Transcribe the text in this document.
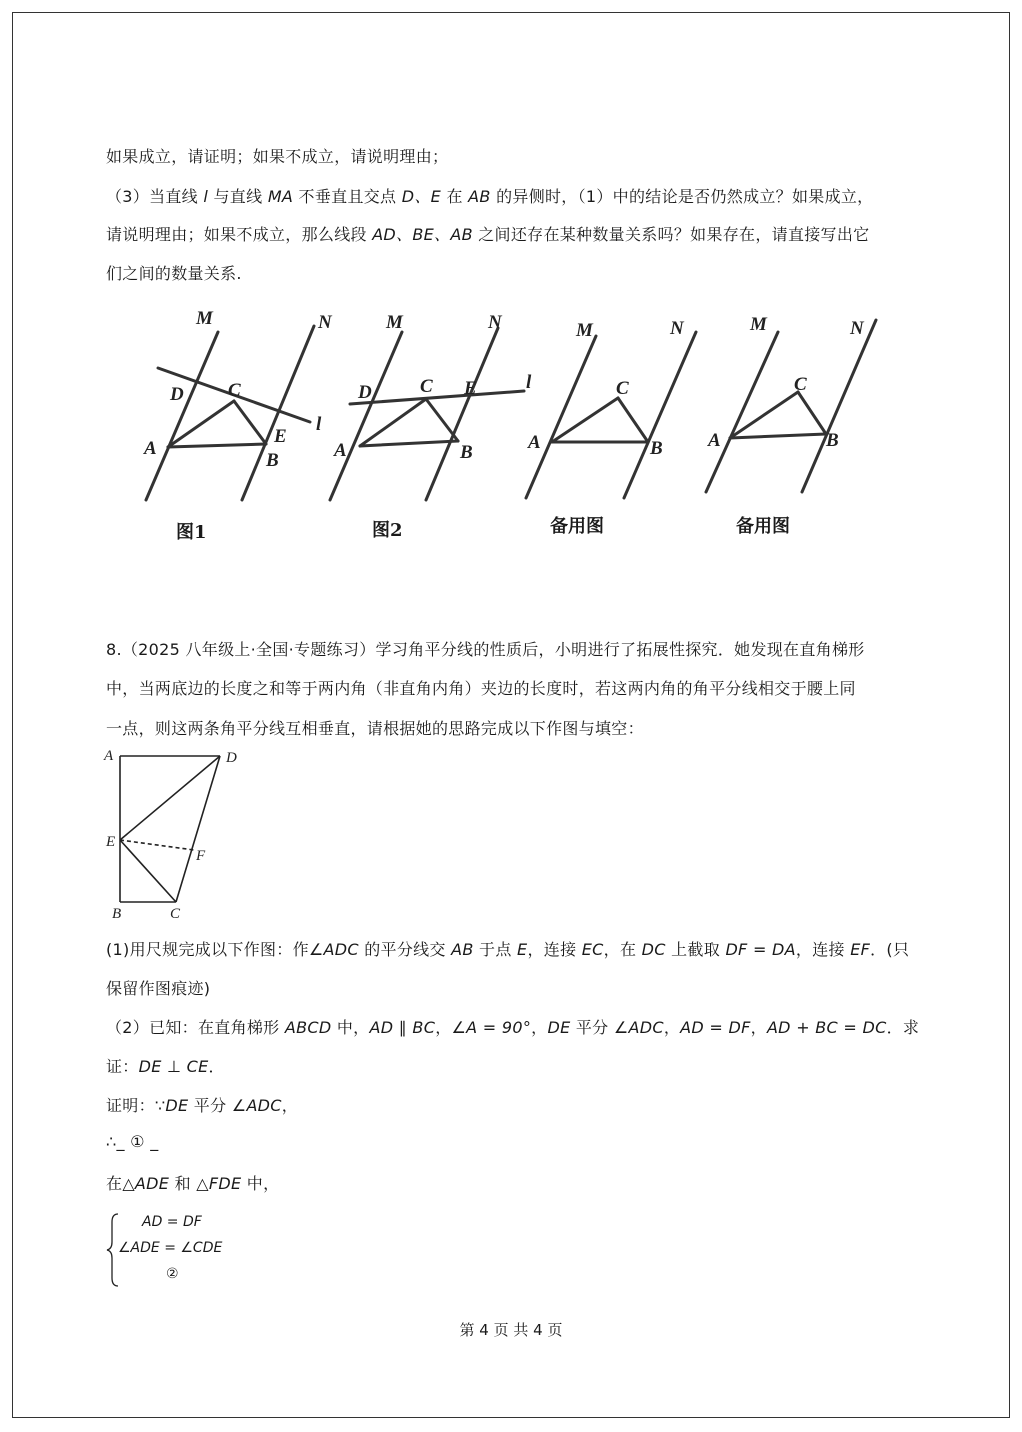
如果成立，请证明；如果不成立，请说明理由；
（3）当直线 l 与直线 MA 不垂直且交点 D、E 在 AB 的异侧时，（1）中的结论是否仍然成立？如果成立，
请说明理由；如果不成立，那么线段 AD、BE、AB 之间还存在某种数量关系吗？如果存在，请直接写出它
们之间的数量关系.
M	N
D C
E
l
A
B
M	N
D	C E	l
A	B
M	N
C
A	B
M	N
C
A	B
图1	图2	备用图	备用图
8.（2025 八年级上·全国·专题练习）学习角平分线的性质后，小明进行了拓展性探究．她发现在直角梯形
中，当两底边的长度之和等于两内角（非直角内角）夹边的长度时，若这两内角的角平分线相交于腰上同
一点，则这两条角平分线互相垂直，请根据她的思路完成以下作图与填空：
A	D
E
F
B	C
(1)用尺规完成以下作图：作∠ADC 的平分线交 AB 于点 E，连接 EC，在 DC 上截取 DF = DA，连接 EF．(只
保留作图痕迹)
（2）已知：在直角梯形 ABCD 中，AD ∥ BC，∠A = 90°，DE 平分 ∠ADC，AD = DF，AD + BC = DC．求
证：DE ⊥ CE．
证明：∵DE 平分 ∠ADC，
∴_ ① _
在△ADE 和 △FDE 中，
AD = DF
∠ADE = ∠CDE
②
第 4 页 共 4 页
